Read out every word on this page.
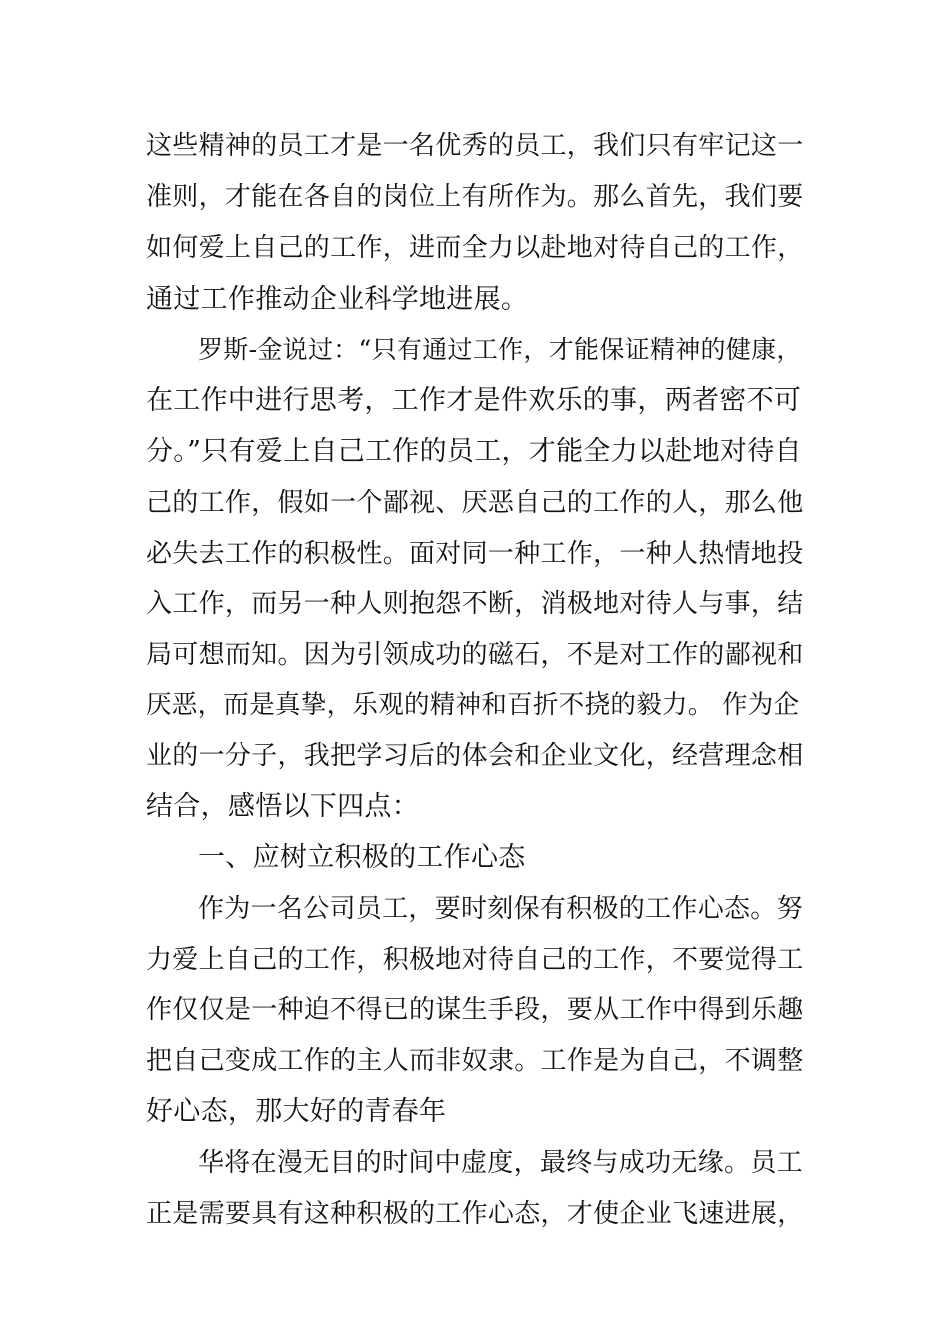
这些精神的员工才是一名优秀的员工，我们只有牢记这一
准则，才能在各自的岗位上有所作为。那么首先，我们要
如何爱上自己的工作，进而全力以赴地对待自己的工作，
通过工作推动企业科学地进展。
罗斯-金说过：“只有通过工作，才能保证精神的健康，
在工作中进行思考，工作才是件欢乐的事，两者密不可
分。”只有爱上自己工作的员工，才能全力以赴地对待自
己的工作，假如一个鄙视、厌恶自己的工作的人，那么他
必失去工作的积极性。面对同一种工作，一种人热情地投
入工作，而另一种人则抱怨不断，消极地对待人与事，结
局可想而知。因为引领成功的磁石，不是对工作的鄙视和
厌恶，而是真挚，乐观的精神和百折不挠的毅力。 作为企
业的一分子，我把学习后的体会和企业文化，经营理念相
结合，感悟以下四点：
一、应树立积极的工作心态
作为一名公司员工，要时刻保有积极的工作心态。努
力爱上自己的工作，积极地对待自己的工作，不要觉得工
作仅仅是一种迫不得已的谋生手段，要从工作中得到乐趣
把自己变成工作的主人而非奴隶。工作是为自己，不调整
好心态，那大好的青春年
华将在漫无目的时间中虚度，最终与成功无缘。员工
正是需要具有这种积极的工作心态，才使企业飞速进展，
